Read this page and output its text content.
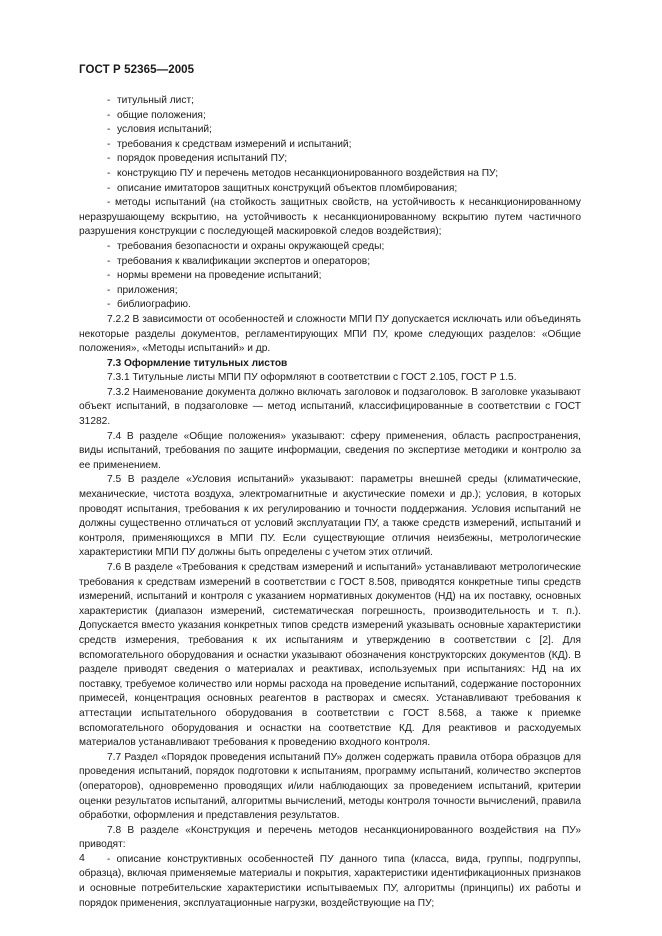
ГОСТ Р 52365—2005

- титульный лист;

- общие положения;

- условия испытаний;

- требования к средствам измерений и испытаний;

- порядок проведения испытаний ПУ;

- конструкцию ПУ и перечень методов несанкционированного воздействия на ПУ;

- описание имитаторов защитных конструкций объектов пломбирования;

- методы испытаний (на стойкость защитных свойств, на устойчивость к несанкционированному неразрушающему вскрытию, на устойчивость к несанкционированному вскрытию путем частичного разрушения конструкции с последующей маскировкой следов воздействия);

- требования безопасности и охраны окружающей среды;

- требования к квалификации экспертов и операторов;

- нормы времени на проведение испытаний;

- приложения;

- библиографию.

7.2.2 В зависимости от особенностей и сложности МПИ ПУ допускается исключать или объединять некоторые разделы документов, регламентирующих МПИ ПУ, кроме следующих разделов: «Общие положения», «Методы испытаний» и др.

7.3 Оформление титульных листов

7.3.1 Титульные листы МПИ ПУ оформляют в соответствии с ГОСТ 2.105, ГОСТ Р 1.5.

7.3.2 Наименование документа должно включать заголовок и подзаголовок. В заголовке указывают объект испытаний, в подзаголовке — метод испытаний, классифицированные в соответствии с ГОСТ 31282.

7.4 В разделе «Общие положения» указывают: сферу применения, область распространения, виды испытаний, требования по защите информации, сведения по экспертизе методики и контролю за ее применением.

7.5 В разделе «Условия испытаний» указывают: параметры внешней среды (климатические, механические, чистота воздуха, электромагнитные и акустические помехи и др.); условия, в которых проводят испытания, требования к их регулированию и точности поддержания. Условия испытаний не должны существенно отличаться от условий эксплуатации ПУ, а также средств измерений, испытаний и контроля, применяющихся в МПИ ПУ. Если существующие отличия неизбежны, метрологические характеристики МПИ ПУ должны быть определены с учетом этих отличий.

7.6 В разделе «Требования к средствам измерений и испытаний» устанавливают метрологические требования к средствам измерений в соответствии с ГОСТ 8.508, приводятся конкретные типы средств измерений, испытаний и контроля с указанием нормативных документов (НД) на их поставку, основных характеристик (диапазон измерений, систематическая погрешность, производительность и т. п.). Допускается вместо указания конкретных типов средств измерений указывать основные характеристики средств измерения, требования к их испытаниям и утверждению в соответствии с [2]. Для вспомогательного оборудования и оснастки указывают обозначения конструкторских документов (КД). В разделе приводят сведения о материалах и реактивах, используемых при испытаниях: НД на их поставку, требуемое количество или нормы расхода на проведение испытаний, содержание посторонних примесей, концентрация основных реагентов в растворах и смесях. Устанавливают требования к аттестации испытательного оборудования в соответствии с ГОСТ 8.568, а также к приемке вспомогательного оборудования и оснастки на соответствие КД. Для реактивов и расходуемых материалов устанавливают требования к проведению входного контроля.

7.7 Раздел «Порядок проведения испытаний ПУ» должен содержать правила отбора образцов для проведения испытаний, порядок подготовки к испытаниям, программу испытаний, количество экспертов (операторов), одновременно проводящих и/или наблюдающих за проведением испытаний, критерии оценки результатов испытаний, алгоритмы вычислений, методы контроля точности вычислений, правила обработки, оформления и представления результатов.

7.8 В разделе «Конструкция и перечень методов несанкционированного воздействия на ПУ» приводят:

- описание конструктивных особенностей ПУ данного типа (класса, вида, группы, подгруппы, образца), включая применяемые материалы и покрытия, характеристики идентификационных признаков и основные потребительские характеристики испытываемых ПУ, алгоритмы (принципы) их работы и порядок применения, эксплуатационные нагрузки, воздействующие на ПУ;

4
